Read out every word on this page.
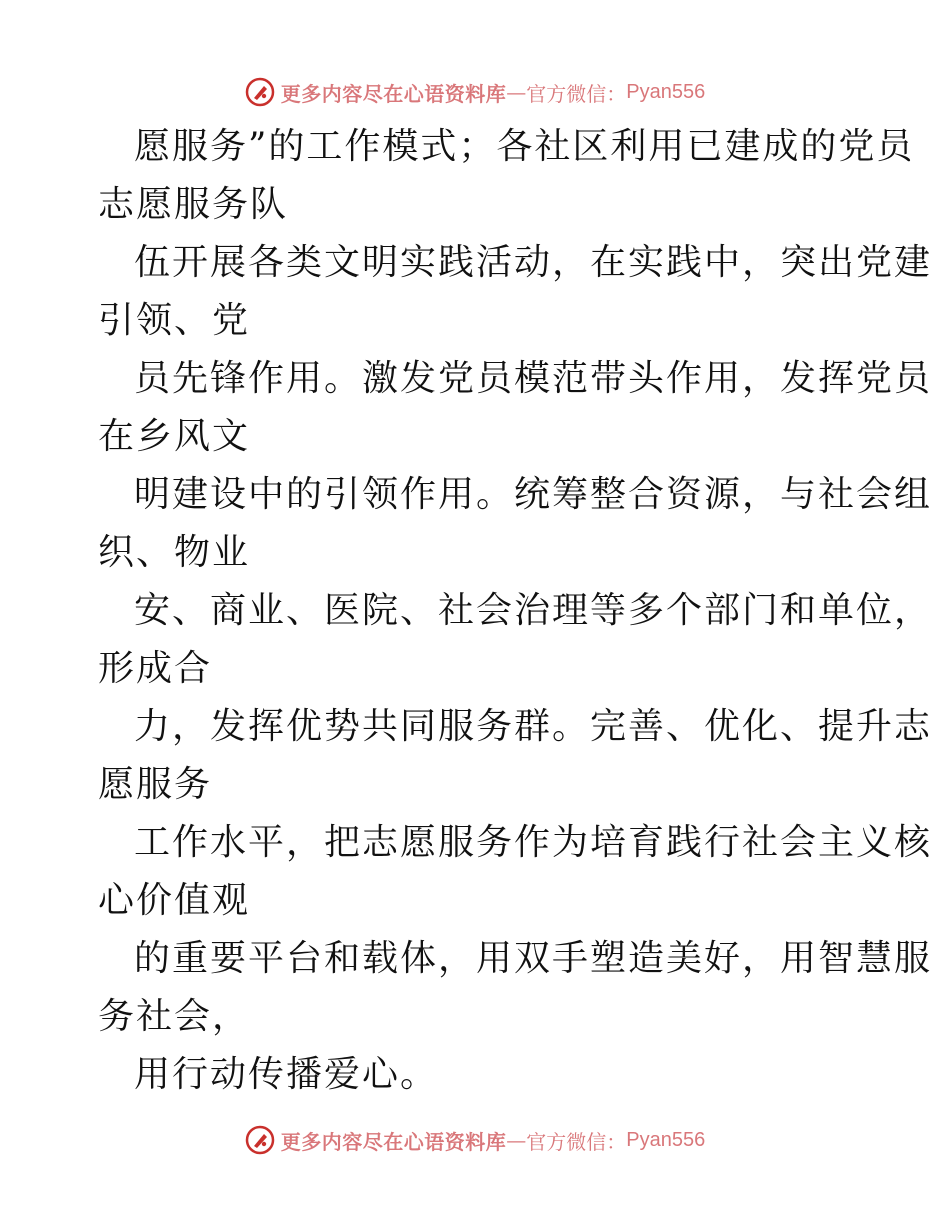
更多内容尽在心语资料库 — 官方微信： Pyan556
愿服务”的工作模式；各社区利用已建成的党员
志愿服务队
伍开展各类文明实践活动，在实践中，突出党建
引领、党
员先锋作用。激发党员模范带头作用，发挥党员
在乡风文
明建设中的引领作用。统筹整合资源，与社会组
织、物业
安、商业、医院、社会治理等多个部门和单位，
形成合
力，发挥优势共同服务群。完善、优化、提升志
愿服务
工作水平，把志愿服务作为培育践行社会主义核
心价值观
的重要平台和载体，用双手塑造美好，用智慧服
务社会，
用行动传播爱心。
更多内容尽在心语资料库 — 官方微信： Pyan556
